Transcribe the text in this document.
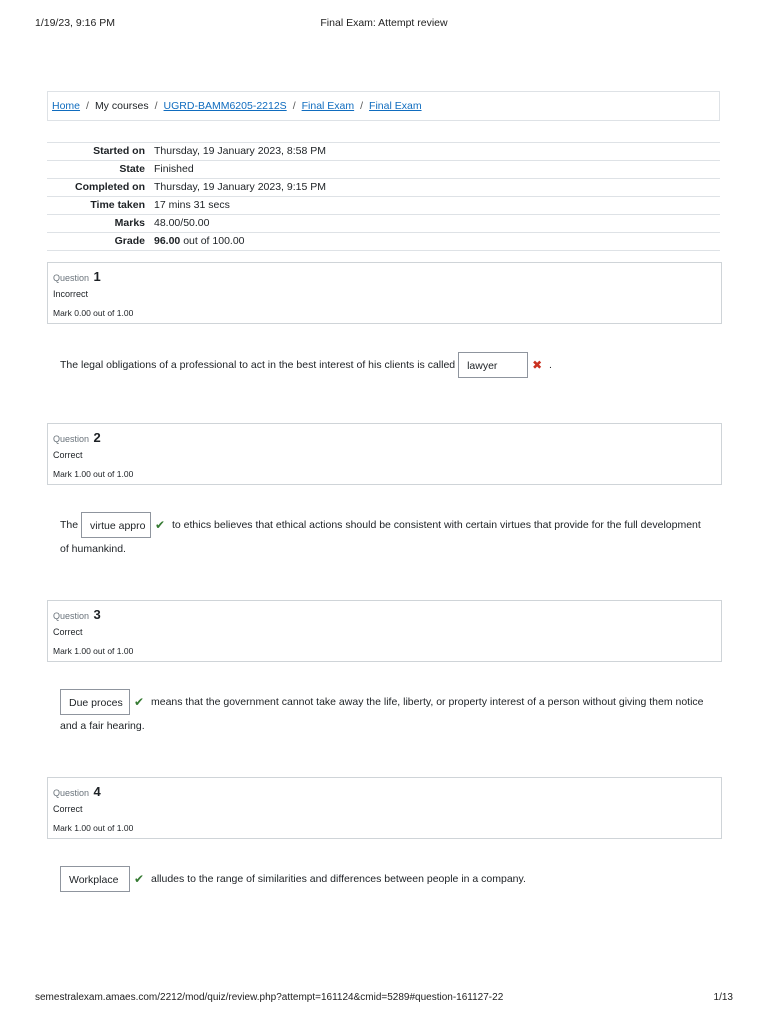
1/19/23, 9:16 PM	Final Exam: Attempt review
Home / My courses / UGRD-BAMM6205-2212S / Final Exam / Final Exam
Started on	Thursday, 19 January 2023, 8:58 PM
State	Finished
Completed on	Thursday, 19 January 2023, 9:15 PM
Time taken	17 mins 31 secs
Marks	48.00/50.00
Grade	96.00 out of 100.00
Question 1
Incorrect
Mark 0.00 out of 1.00
The legal obligations of a professional to act in the best interest of his clients is called lawyer	✖ .
Question 2
Correct
Mark 1.00 out of 1.00
The virtue appro ✔ to ethics believes that ethical actions should be consistent with certain virtues that provide for the full development of humankind.
Question 3
Correct
Mark 1.00 out of 1.00
Due proces ✔ means that the government cannot take away the life, liberty, or property interest of a person without giving them notice and a fair hearing.
Question 4
Correct
Mark 1.00 out of 1.00
Workplace ✔ alludes to the range of similarities and differences between people in a company.
semestralexam.amaes.com/2212/mod/quiz/review.php?attempt=161124&cmid=5289#question-161127-22	1/13
